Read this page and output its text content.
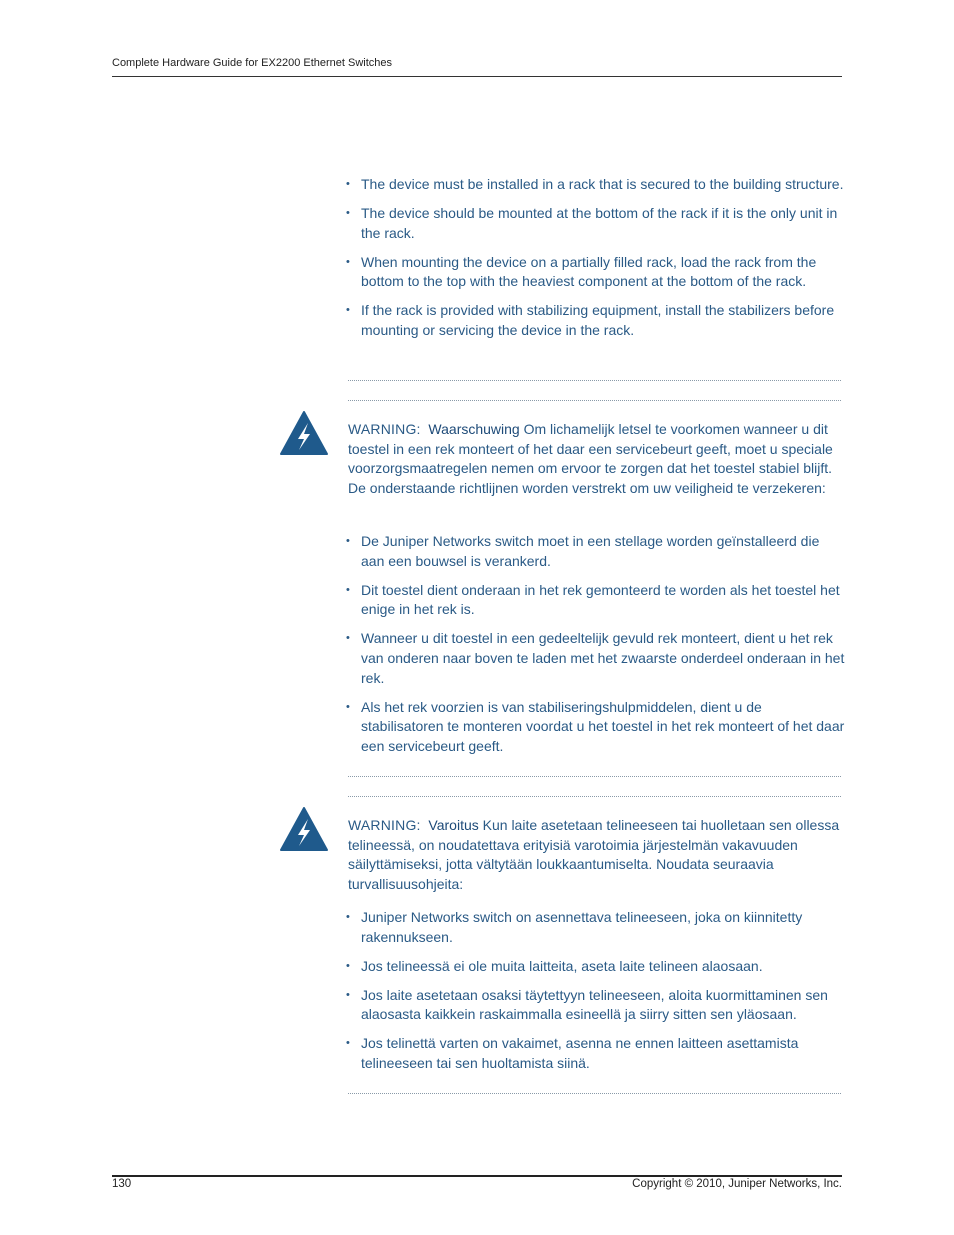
Complete Hardware Guide for EX2200 Ethernet Switches
• The device must be installed in a rack that is secured to the building structure.
• The device should be mounted at the bottom of the rack if it is the only unit in the rack.
• When mounting the device on a partially filled rack, load the rack from the bottom to the top with the heaviest component at the bottom of the rack.
• If the rack is provided with stabilizing equipment, install the stabilizers before mounting or servicing the device in the rack.

WARNING: Waarschuwing Om lichamelijk letsel te voorkomen wanneer u dit toestel in een rek monteert of het daar een servicebeurt geeft, moet u speciale voorzorgsmaatregelen nemen om ervoor te zorgen dat het toestel stabiel blijft. De onderstaande richtlijnen worden verstrekt om uw veiligheid te verzekeren:

• De Juniper Networks switch moet in een stellage worden geïnstalleerd die aan een bouwsel is verankerd.
• Dit toestel dient onderaan in het rek gemonteerd te worden als het toestel het enige in het rek is.
• Wanneer u dit toestel in een gedeeltelijk gevuld rek monteert, dient u het rek van onderen naar boven te laden met het zwaarste onderdeel onderaan in het rek.
• Als het rek voorzien is van stabiliseringshulpmiddelen, dient u de stabilisatoren te monteren voordat u het toestel in het rek monteert of het daar een servicebeurt geeft.

WARNING: Varoitus Kun laite asetetaan telineeseen tai huolletaan sen ollessa telineessä, on noudatettava erityisiä varotoimia järjestelmän vakavuuden säilyttämiseksi, jotta vältytään loukkaantumiselta. Noudata seuraavia turvallisuusohjeita:

• Juniper Networks switch on asennettava telineeseen, joka on kiinnitetty rakennukseen.
• Jos telineessä ei ole muita laitteita, aseta laite telineen alaosaan.
• Jos laite asetetaan osaksi täytettyyn telineeseen, aloita kuormittaminen sen alaosasta kaikkein raskaimmalla esineellä ja siirry sitten sen yläosaan.
• Jos telinettä varten on vakaimet, asenna ne ennen laitteen asettamista telineeseen tai sen huoltamista siinä.
130	Copyright © 2010, Juniper Networks, Inc.
